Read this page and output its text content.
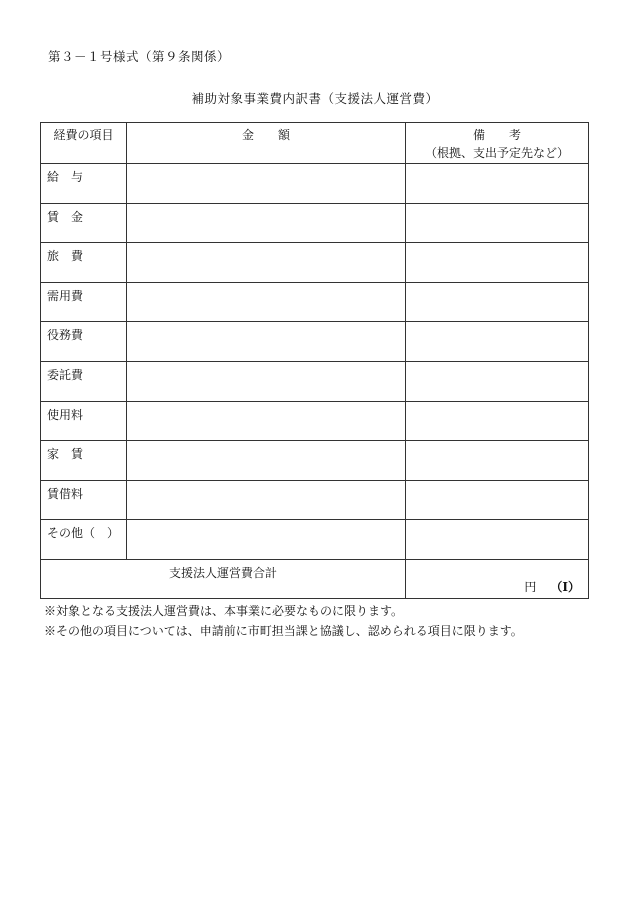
第３－１号様式（第９条関係）
補助対象事業費内訳書（支援法人運営費）
経費の項目	金　　額	備　　考
（根拠、支出予定先など）

給　与		
賃　金		
旅　費		
需用費		
役務費		
委託費		
使用料		
家　賃		
賃借料		
その他（　）		
支援法人運営費合計		円 （Ⅰ）
※対象となる支援法人運営費は、本事業に必要なものに限ります。
※その他の項目については、申請前に市町担当課と協議し、認められる項目に限ります。
